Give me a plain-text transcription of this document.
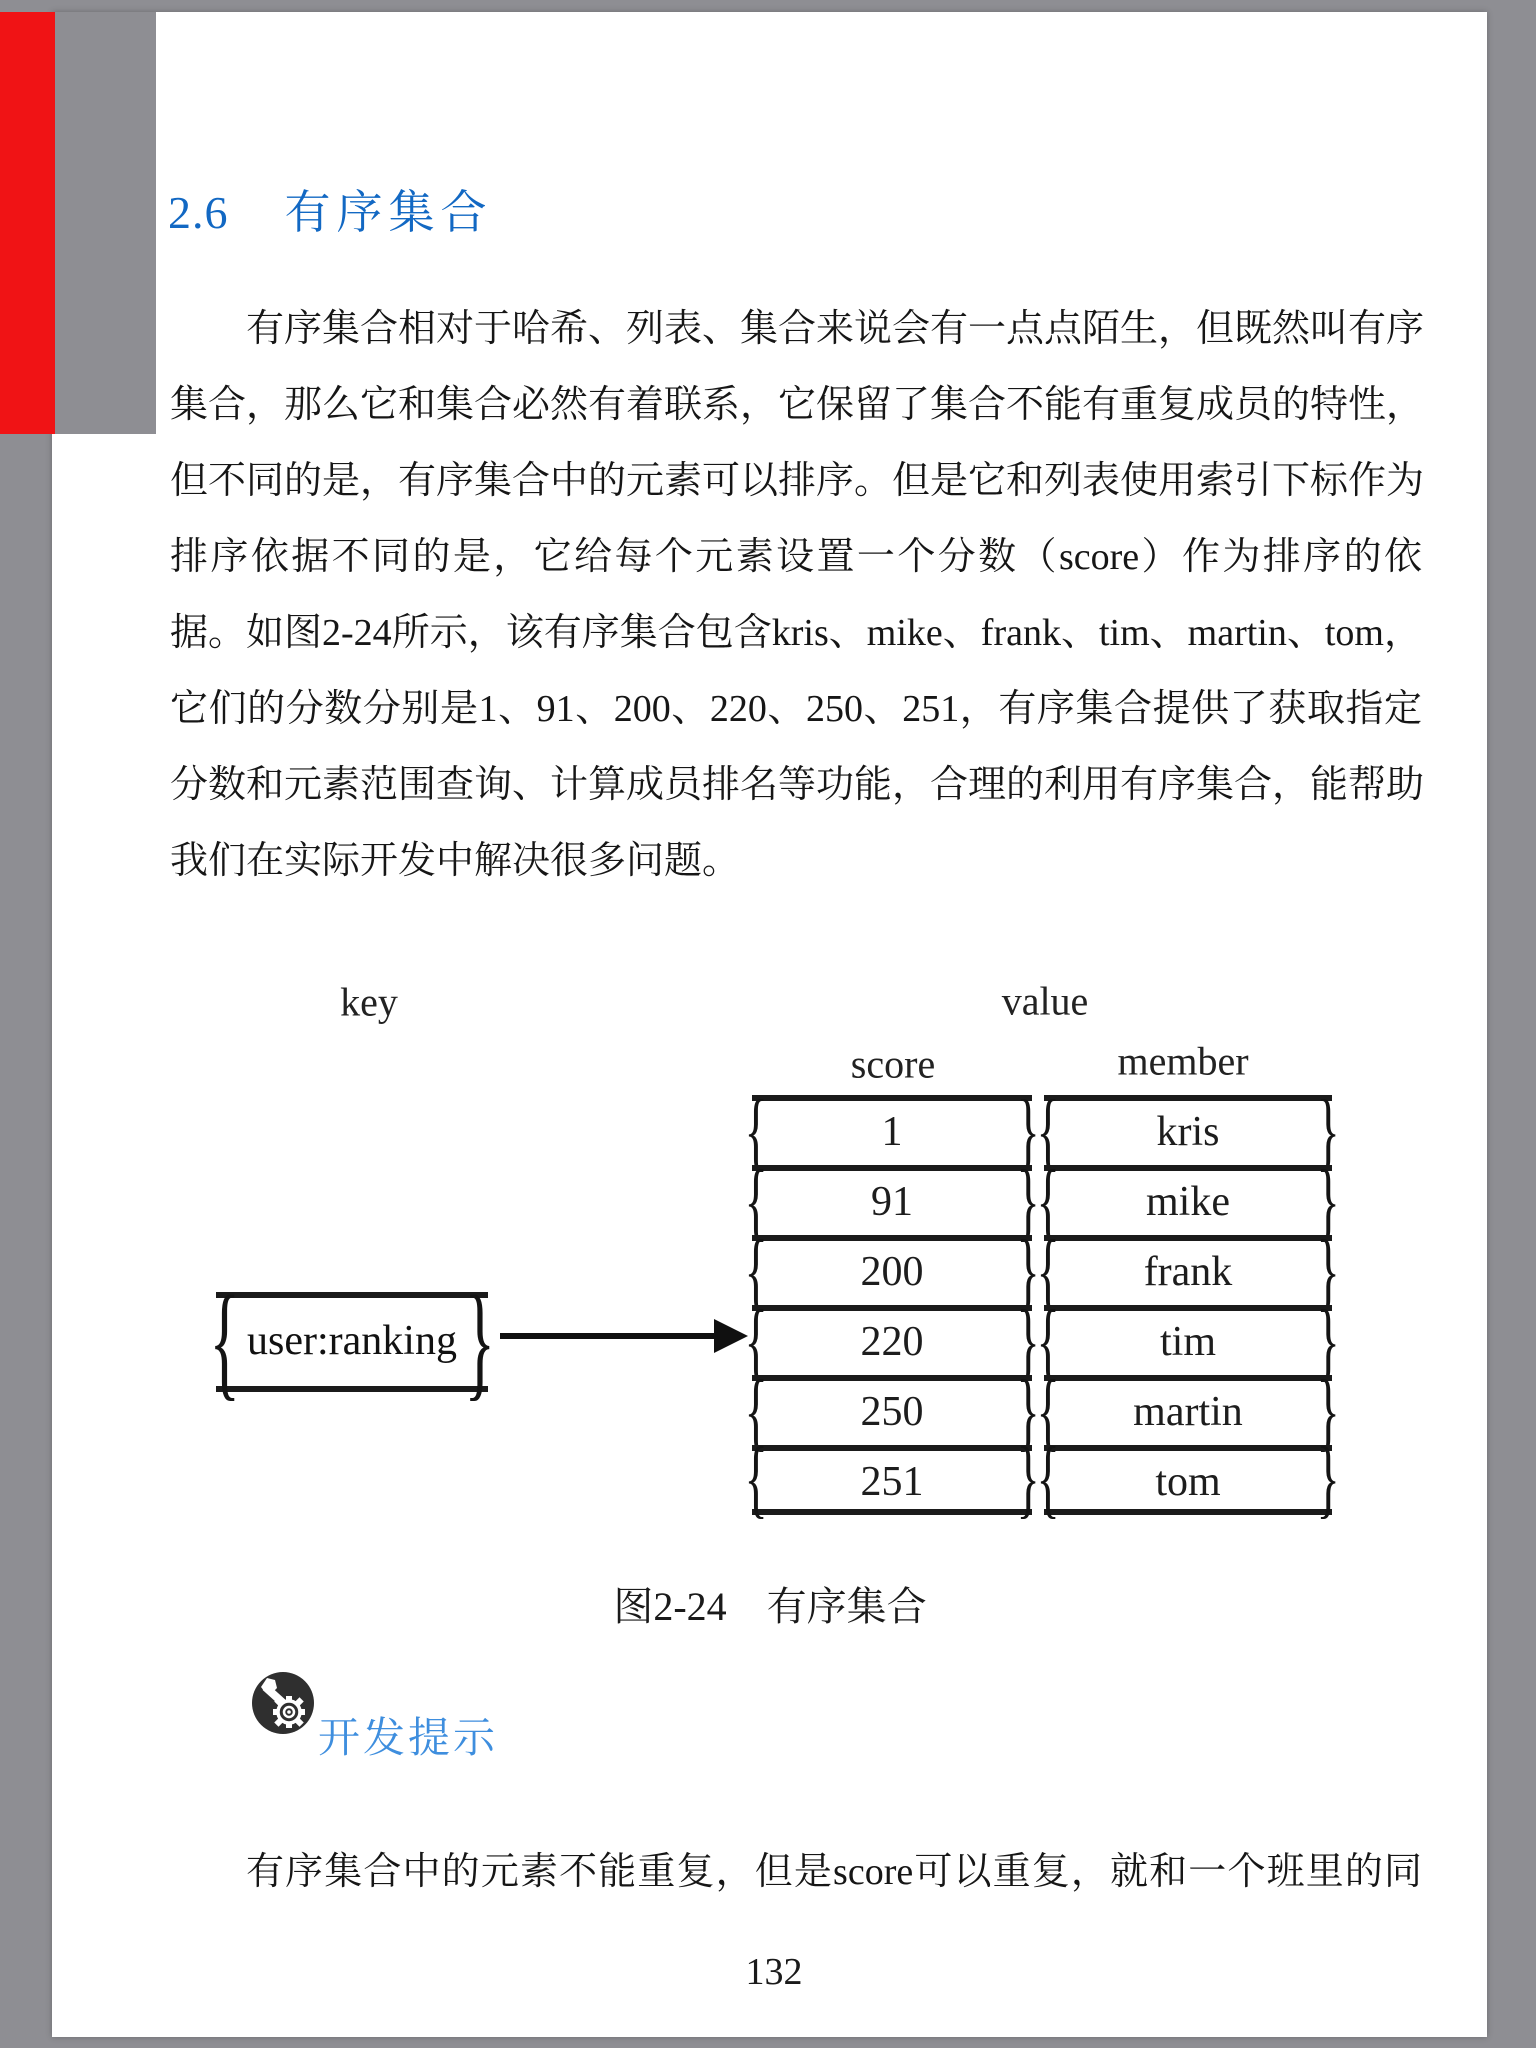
2.6 有序集合
有序集合相对于哈希、列表、集合来说会有一点点陌生，但既然叫有序
集合，那么它和集合必然有着联系，它保留了集合不能有重复成员的特性，
但不同的是，有序集合中的元素可以排序。但是它和列表使用索引下标作为
排序依据不同的是，它给每个元素设置一个分数（score）作为排序的依
据。如图2-24所示，该有序集合包含kris、mike、frank、tim、martin、tom，
它们的分数分别是1、91、200、220、250、251，有序集合提供了获取指定
分数和元素范围查询、计算成员排名等功能，合理的利用有序集合，能帮助
我们在实际开发中解决很多问题。
key	value
score	member
{ user:ranking }
{ 1 }
{ 91 }
{ 200 }
{ 220 }
{ 250 }
{ 251 }
{ kris }
{ mike }
{ frank }
{ tim }
{ martin }
{ tom }
图2-24　有序集合
开发提示
有序集合中的元素不能重复，但是score可以重复，就和一个班里的同
132
